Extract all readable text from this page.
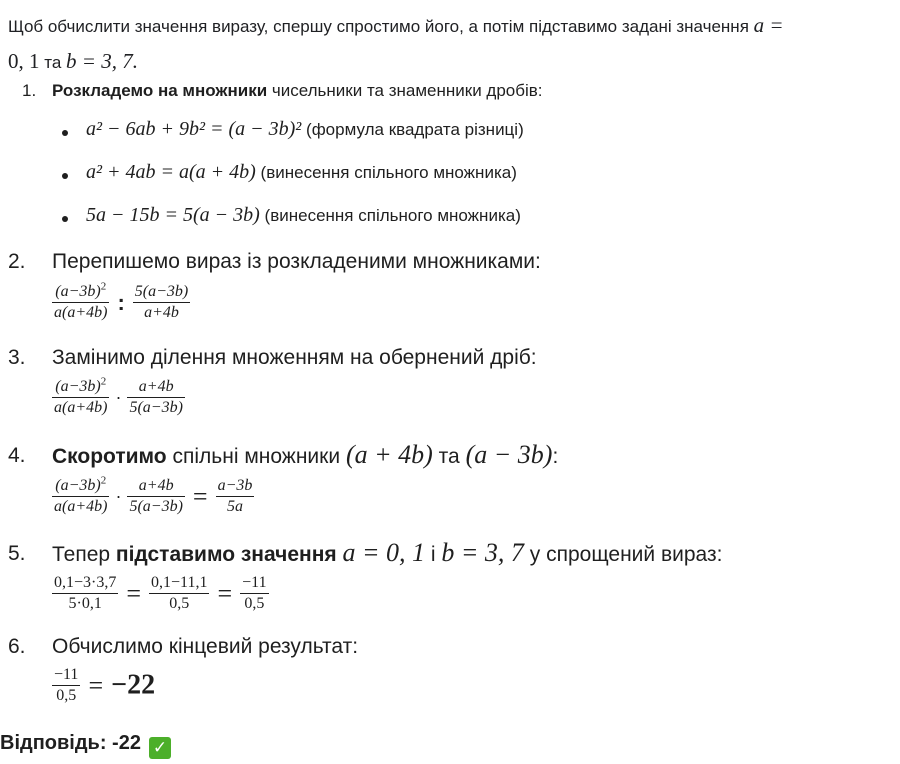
Щоб обчислити значення виразу, спершу спростимо його, а потім підставимо задані значення a =
0, 1 та b = 3, 7.
1. Розкладемо на множники чисельники та знаменники дробів:
a² − 6ab + 9b² = (a − 3b)² (формула квадрата різниці)
a² + 4ab = a(a + 4b) (винесення спільного множника)
5a − 15b = 5(a − 3b) (винесення спільного множника)
2. Перепишемо вираз із розкладеними множниками:
$\frac{(a-3b)^2}{a(a+4b)}$ : $\frac{5(a-3b)}{a+4b}$
3. Замінимо ділення множенням на обернений дріб:
$\frac{(a-3b)^2}{a(a+4b)} \cdot \frac{a+4b}{5(a-3b)}$
4. Скоротимо спільні множники (a + 4b) та (a − 3b):
$\frac{(a-3b)^2}{a(a+4b)} \cdot \frac{a+4b}{5(a-3b)} = \frac{a-3b}{5a}$
5. Тепер підставимо значення a = 0, 1 і b = 3, 7 у спрощений вираз:
$\frac{0,1-3\cdot 3,7}{5\cdot 0,1} = \frac{0,1-11,1}{0,5} = \frac{-11}{0,5}$
6. Обчислимо кінцевий результат:
$\frac{-11}{0,5} = -22$
Відповідь: -22 ✓
